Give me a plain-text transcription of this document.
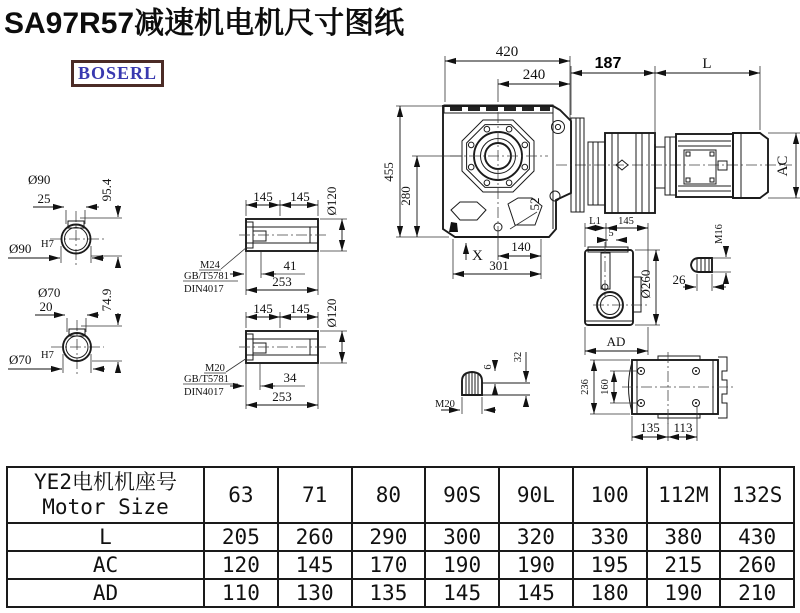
SA97R57减速机电机尺寸图纸
BOSERL
Ø90
25	95.4
Ø90 H7
Ø70
20	74.9
Ø70 H7
145 145 Ø120
M24
GB/T5781
DIN4017
41
253
145 145 Ø120
M20
GB/T5781
DIN4017
34
253
52
420
240
455
280
140
301
X
187	L
AC
L1 145
5
Ø260
AD
M16
26
6
32
M20
236 160
135 113
YE2电机机座号
Motor Size	63	71	80	90S	90L	100	112M	132S
L	205	260	290	300	320	330	380	430
AC	120	145	170	190	190	195	215	260
AD	110	130	135	145	145	180	190	210
